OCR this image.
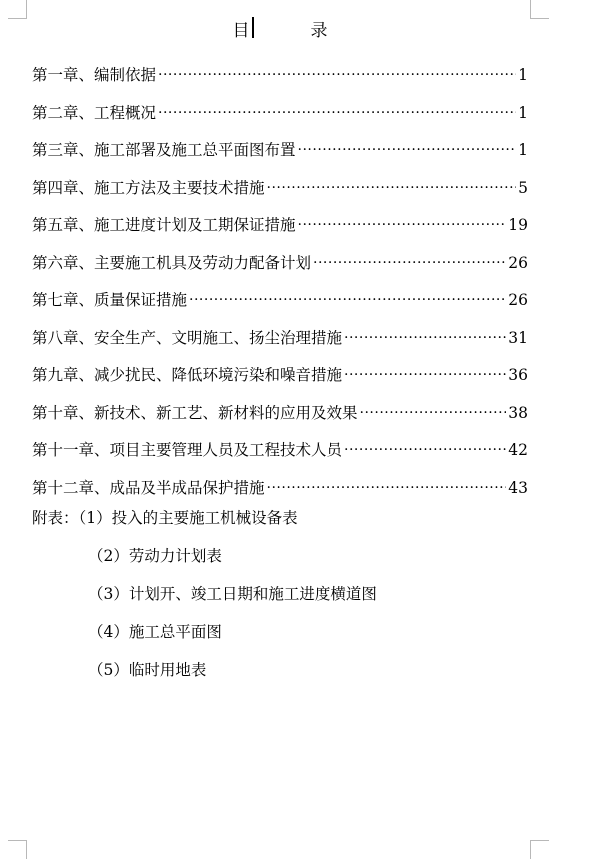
目　录
第一章、编制依据 .....	1
第二章、工程概况 .....	1
第三章、施工部署及施工总平面图布置 .....	1
第四章、施工方法及主要技术措施 .....	5
第五章、施工进度计划及工期保证措施 .....	19
第六章、主要施工机具及劳动力配备计划 .....	26
第七章、质量保证措施 .....	26
第八章、安全生产、文明施工、扬尘治理措施 .....	31
第九章、减少扰民、降低环境污染和噪音措施 .....	36
第十章、新技术、新工艺、新材料的应用及效果 .....	38
第十一章、项目主要管理人员及工程技术人员 .....	42
第十二章、成品及半成品保护措施 .....	43
附表：（1）投入的主要施工机械设备表
（2）劳动力计划表
（3）计划开、竣工日期和施工进度横道图
（4）施工总平面图
（5）临时用地表
